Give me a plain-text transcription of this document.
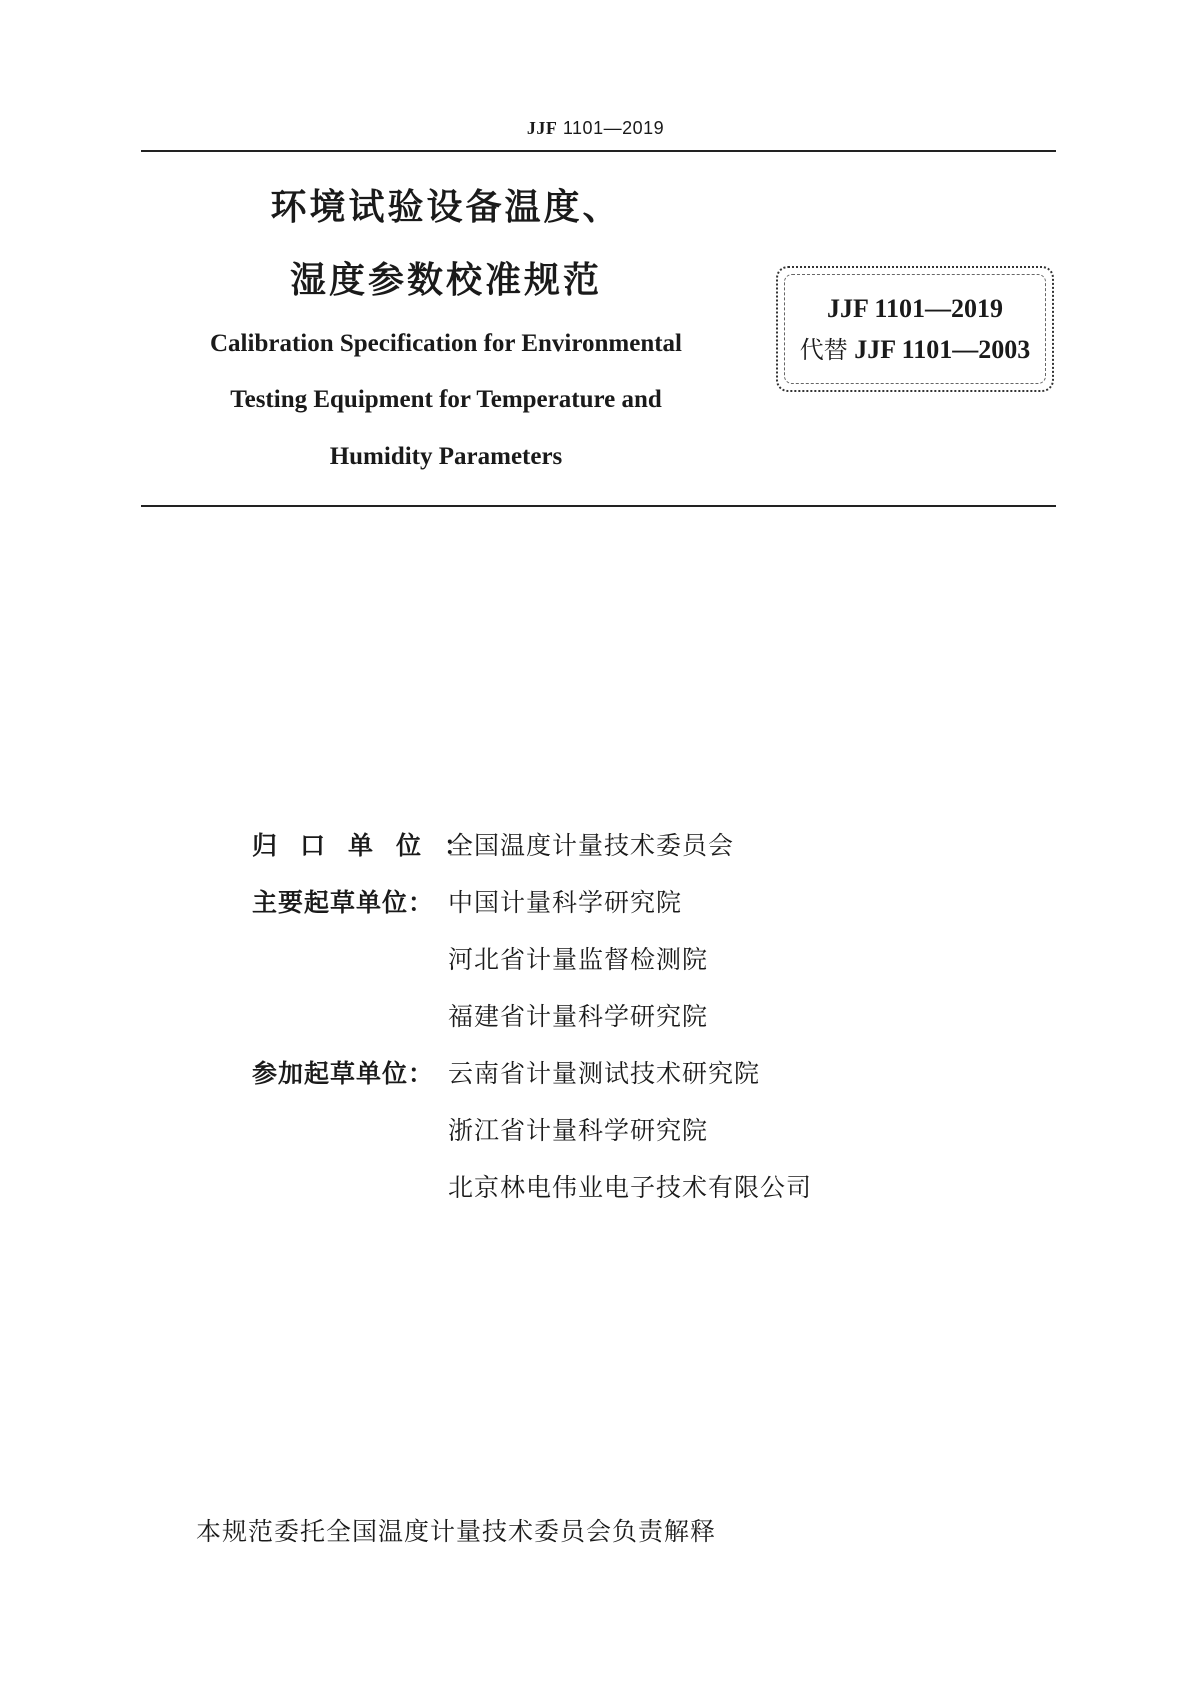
JJF 1101—2019
环境试验设备温度、
湿度参数校准规范
Calibration Specification for Environmental
Testing Equipment for Temperature and
Humidity Parameters
JJF 1101—2019
代替 JJF 1101—2003
归口单位：
全国温度计量技术委员会
主要起草单位： 中国计量科学研究院
河北省计量监督检测院
福建省计量科学研究院
参加起草单位： 云南省计量测试技术研究院
浙江省计量科学研究院
北京林电伟业电子技术有限公司
本规范委托全国温度计量技术委员会负责解释
